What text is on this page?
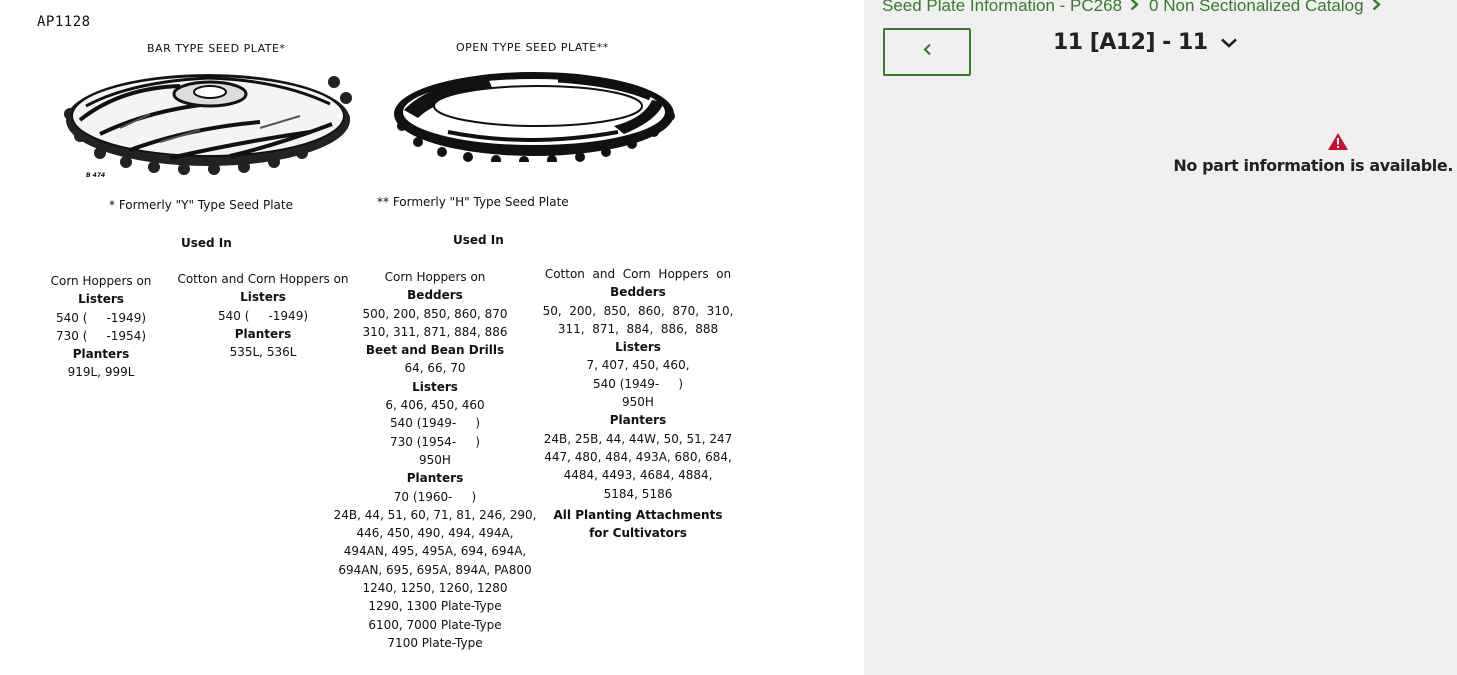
AP1128
BAR TYPE SEED PLATE*	OPEN TYPE SEED PLATE**
B 474
* Formerly "Y" Type Seed Plate	** Formerly "H" Type Seed Plate
Used In	Used In
Corn Hoppers on
Listers
540 (     -1949)
730 (     -1954)
Planters
919L, 999L
Cotton and Corn Hoppers on
Listers
540 (     -1949)
Planters
535L, 536L
Corn Hoppers on
Bedders
500, 200, 850, 860, 870
310, 311, 871, 884, 886
Beet and Bean Drills
64, 66, 70
Listers
6, 406, 450, 460
540 (1949-     )
730 (1954-     )
950H
Planters
70 (1960-     )
24B, 44, 51, 60, 71, 81, 246, 290,
446, 450, 490, 494, 494A,
494AN, 495, 495A, 694, 694A,
694AN, 695, 695A, 894A, PA800
1240, 1250, 1260, 1280
1290, 1300 Plate-Type
6100, 7000 Plate-Type
7100 Plate-Type
Cotton  and  Corn  Hoppers  on
Bedders
50,  200,  850,  860,  870,  310,
311,  871,  884,  886,  888
Listers
7, 407, 450, 460,
540 (1949-     )
950H
Planters
24B, 25B, 44, 44W, 50, 51, 247
447, 480, 484, 493A, 680, 684,
4484, 4493, 4684, 4884,
5184, 5186
All Planting Attachments
for Cultivators
Seed Plate Information - PC268 0 Non Sectionalized Catalog
11 [A12] - 11
No part information is available.
